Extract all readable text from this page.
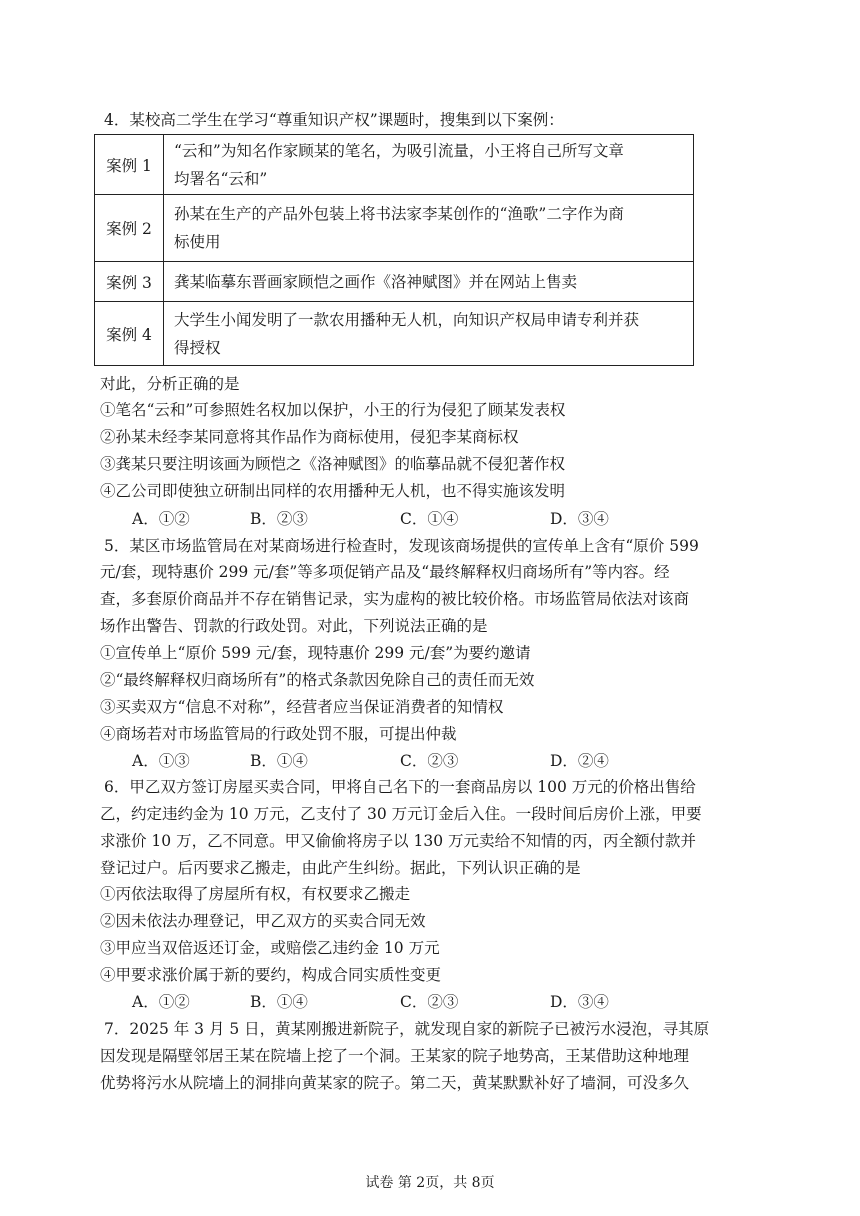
4．某校高二学生在学习“尊重知识产权”课题时，搜集到以下案例：
案例 1	“云和”为知名作家顾某的笔名，为吸引流量，小王将自己所写文章
均署名“云和”

案例 2	孙某在生产的产品外包装上将书法家李某创作的“渔歌”二字作为商
标使用

案例 3	龚某临摹东晋画家顾恺之画作《洛神赋图》并在网站上售卖

案例 4	大学生小闻发明了一款农用播种无人机，向知识产权局申请专利并获
得授权
对此，分析正确的是
①笔名“云和”可参照姓名权加以保护，小王的行为侵犯了顾某发表权
②孙某未经李某同意将其作品作为商标使用，侵犯李某商标权
③龚某只要注明该画为顾恺之《洛神赋图》的临摹品就不侵犯著作权
④乙公司即使独立研制出同样的农用播种无人机，也不得实施该发明
A．①②	B．②③	C．①④	D．③④
5．某区市场监管局在对某商场进行检查时，发现该商场提供的宣传单上含有“原价 599
元/套，现特惠价 299 元/套”等多项促销产品及“最终解释权归商场所有”等内容。经
查，多套原价商品并不存在销售记录，实为虚构的被比较价格。市场监管局依法对该商
场作出警告、罚款的行政处罚。对此，下列说法正确的是
①宣传单上“原价 599 元/套，现特惠价 299 元/套”为要约邀请
②“最终解释权归商场所有”的格式条款因免除自己的责任而无效
③买卖双方“信息不对称”，经营者应当保证消费者的知情权
④商场若对市场监管局的行政处罚不服，可提出仲裁
A．①③	B．①④	C．②③	D．②④
6．甲乙双方签订房屋买卖合同，甲将自己名下的一套商品房以 100 万元的价格出售给
乙，约定违约金为 10 万元，乙支付了 30 万元订金后入住。一段时间后房价上涨，甲要
求涨价 10 万，乙不同意。甲又偷偷将房子以 130 万元卖给不知情的丙，丙全额付款并
登记过户。后丙要求乙搬走，由此产生纠纷。据此，下列认识正确的是
①丙依法取得了房屋所有权，有权要求乙搬走
②因未依法办理登记，甲乙双方的买卖合同无效
③甲应当双倍返还订金，或赔偿乙违约金 10 万元
④甲要求涨价属于新的要约，构成合同实质性变更
A．①②	B．①④	C．②③	D．③④
7．2025 年 3 月 5 日，黄某刚搬进新院子，就发现自家的新院子已被污水浸泡，寻其原
因发现是隔壁邻居王某在院墙上挖了一个洞。王某家的院子地势高，王某借助这种地理
优势将污水从院墙上的洞排向黄某家的院子。第二天，黄某默默补好了墙洞，可没多久
试卷 第 2页，共 8页
